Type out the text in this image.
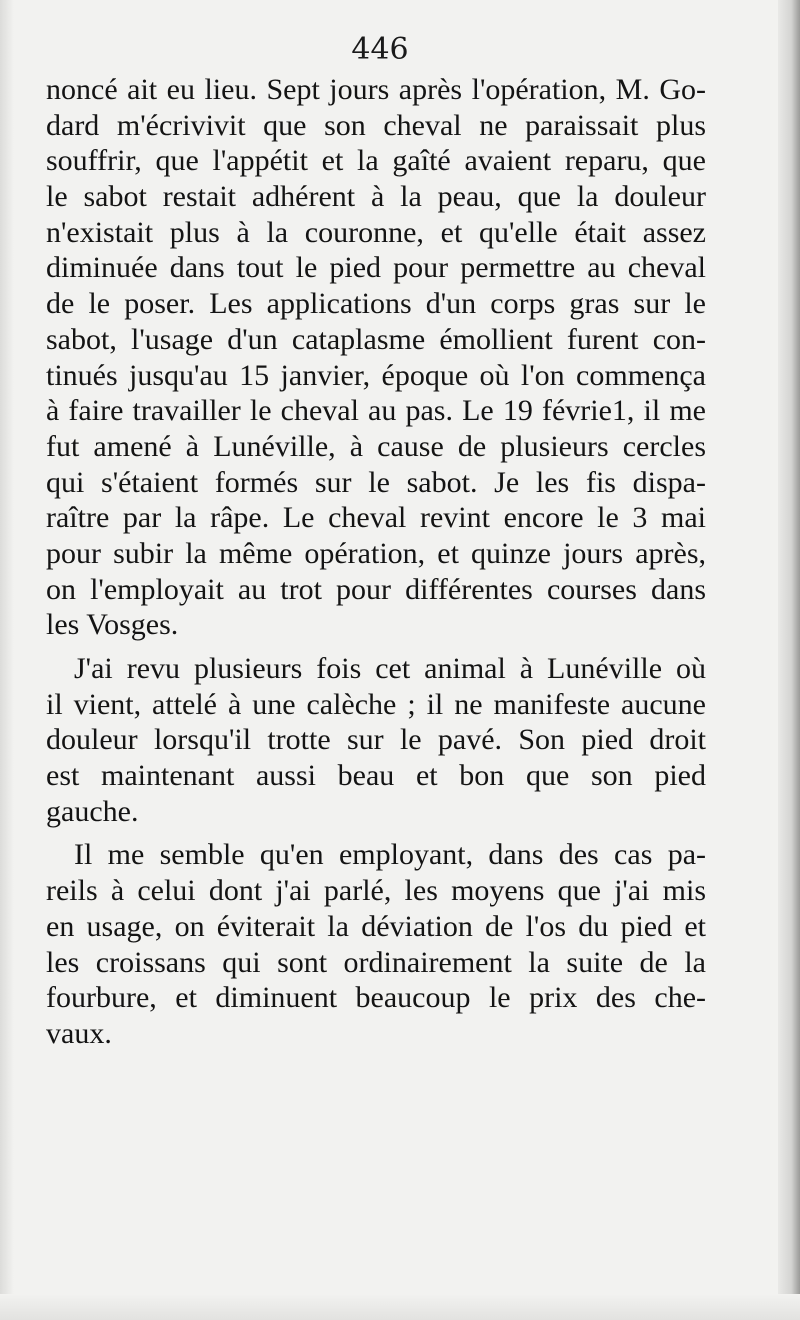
446
noncé ait eu lieu. Sept jours après l'opération, M. Go-
dard m'écrivivit que son cheval ne paraissait plus
souffrir, que l'appétit et la gaîté avaient reparu, que
le sabot restait adhérent à la peau, que la douleur
n'existait plus à la couronne, et qu'elle était assez
diminuée dans tout le pied pour permettre au cheval
de le poser. Les applications d'un corps gras sur le
sabot, l'usage d'un cataplasme émollient furent con-
tinués jusqu'au 15 janvier, époque où l'on commença
à faire travailler le cheval au pas. Le 19 févrie1, il me
fut amené à Lunéville, à cause de plusieurs cercles
qui s'étaient formés sur le sabot. Je les fis dispa-
raître par la râpe. Le cheval revint encore le 3 mai
pour subir la même opération, et quinze jours après,
on l'employait au trot pour différentes courses dans
les Vosges.
J'ai revu plusieurs fois cet animal à Lunéville où
il vient, attelé à une calèche ; il ne manifeste aucune
douleur lorsqu'il trotte sur le pavé. Son pied droit
est maintenant aussi beau et bon que son pied
gauche.
Il me semble qu'en employant, dans des cas pa-
reils à celui dont j'ai parlé, les moyens que j'ai mis
en usage, on éviterait la déviation de l'os du pied et
les croissans qui sont ordinairement la suite de la
fourbure, et diminuent beaucoup le prix des che-
vaux.
